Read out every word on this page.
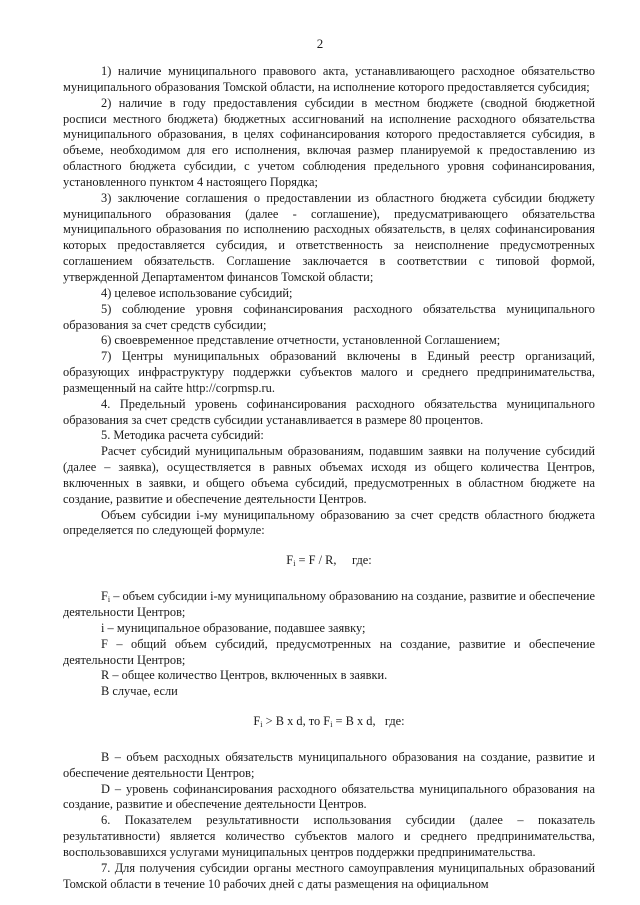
2

1) наличие муниципального правового акта, устанавливающего расходное обязательство муниципального образования Томской области, на исполнение которого предоставляется субсидия;

2) наличие в году предоставления субсидии в местном бюджете (сводной бюджетной росписи местного бюджета) бюджетных ассигнований на исполнение расходного обязательства муниципального образования, в целях софинансирования которого предоставляется субсидия, в объеме, необходимом для его исполнения, включая размер планируемой к предоставлению из областного бюджета субсидии, с учетом соблюдения предельного уровня софинансирования, установленного пунктом 4 настоящего Порядка;

3) заключение соглашения о предоставлении из областного бюджета субсидии бюджету муниципального образования (далее - соглашение), предусматривающего обязательства муниципального образования по исполнению расходных обязательств, в целях софинансирования которых предоставляется субсидия, и ответственность за неисполнение предусмотренных соглашением обязательств. Соглашение заключается в соответствии с типовой формой, утвержденной Департаментом финансов Томской области;

4) целевое использование субсидий;

5) соблюдение уровня софинансирования расходного обязательства муниципального образования за счет средств субсидии;

6) своевременное представление отчетности, установленной Соглашением;

7) Центры муниципальных образований включены в Единый реестр организаций, образующих инфраструктуру поддержки субъектов малого и среднего предпринимательства, размещенный на сайте http://corpmsp.ru.

4. Предельный уровень софинансирования расходного обязательства муниципального образования за счет средств субсидии устанавливается в размере 80 процентов.

5. Методика расчета субсидий:

Расчет субсидий муниципальным образованиям, подавшим заявки на получение субсидий (далее – заявка), осуществляется в равных объемах исходя из общего количества Центров, включенных в заявки, и общего объема субсидий, предусмотренных в областном бюджете на создание, развитие и обеспечение деятельности Центров.

Объем субсидии i-му муниципальному образованию за счет средств областного бюджета определяется по следующей формуле:

$F_i = F / R$, где:

$F_i$ – объем субсидии i-му муниципальному образованию на создание, развитие и обеспечение деятельности Центров;

i – муниципальное образование, подавшее заявку;

F – общий объем субсидий, предусмотренных на создание, развитие и обеспечение деятельности Центров;

R – общее количество Центров, включенных в заявки.

В случае, если

$F_i > B$ x d, то $F_i = B$ x d, где:

B – объем расходных обязательств муниципального образования на создание, развитие и обеспечение деятельности Центров;

D – уровень софинансирования расходного обязательства муниципального образования на создание, развитие и обеспечение деятельности Центров.

6. Показателем результативности использования субсидии (далее – показатель результативности) является количество субъектов малого и среднего предпринимательства, воспользовавшихся услугами муниципальных центров поддержки предпринимательства.

7. Для получения субсидии органы местного самоуправления муниципальных образований Томской области в течение 10 рабочих дней с даты размещения на официальном
